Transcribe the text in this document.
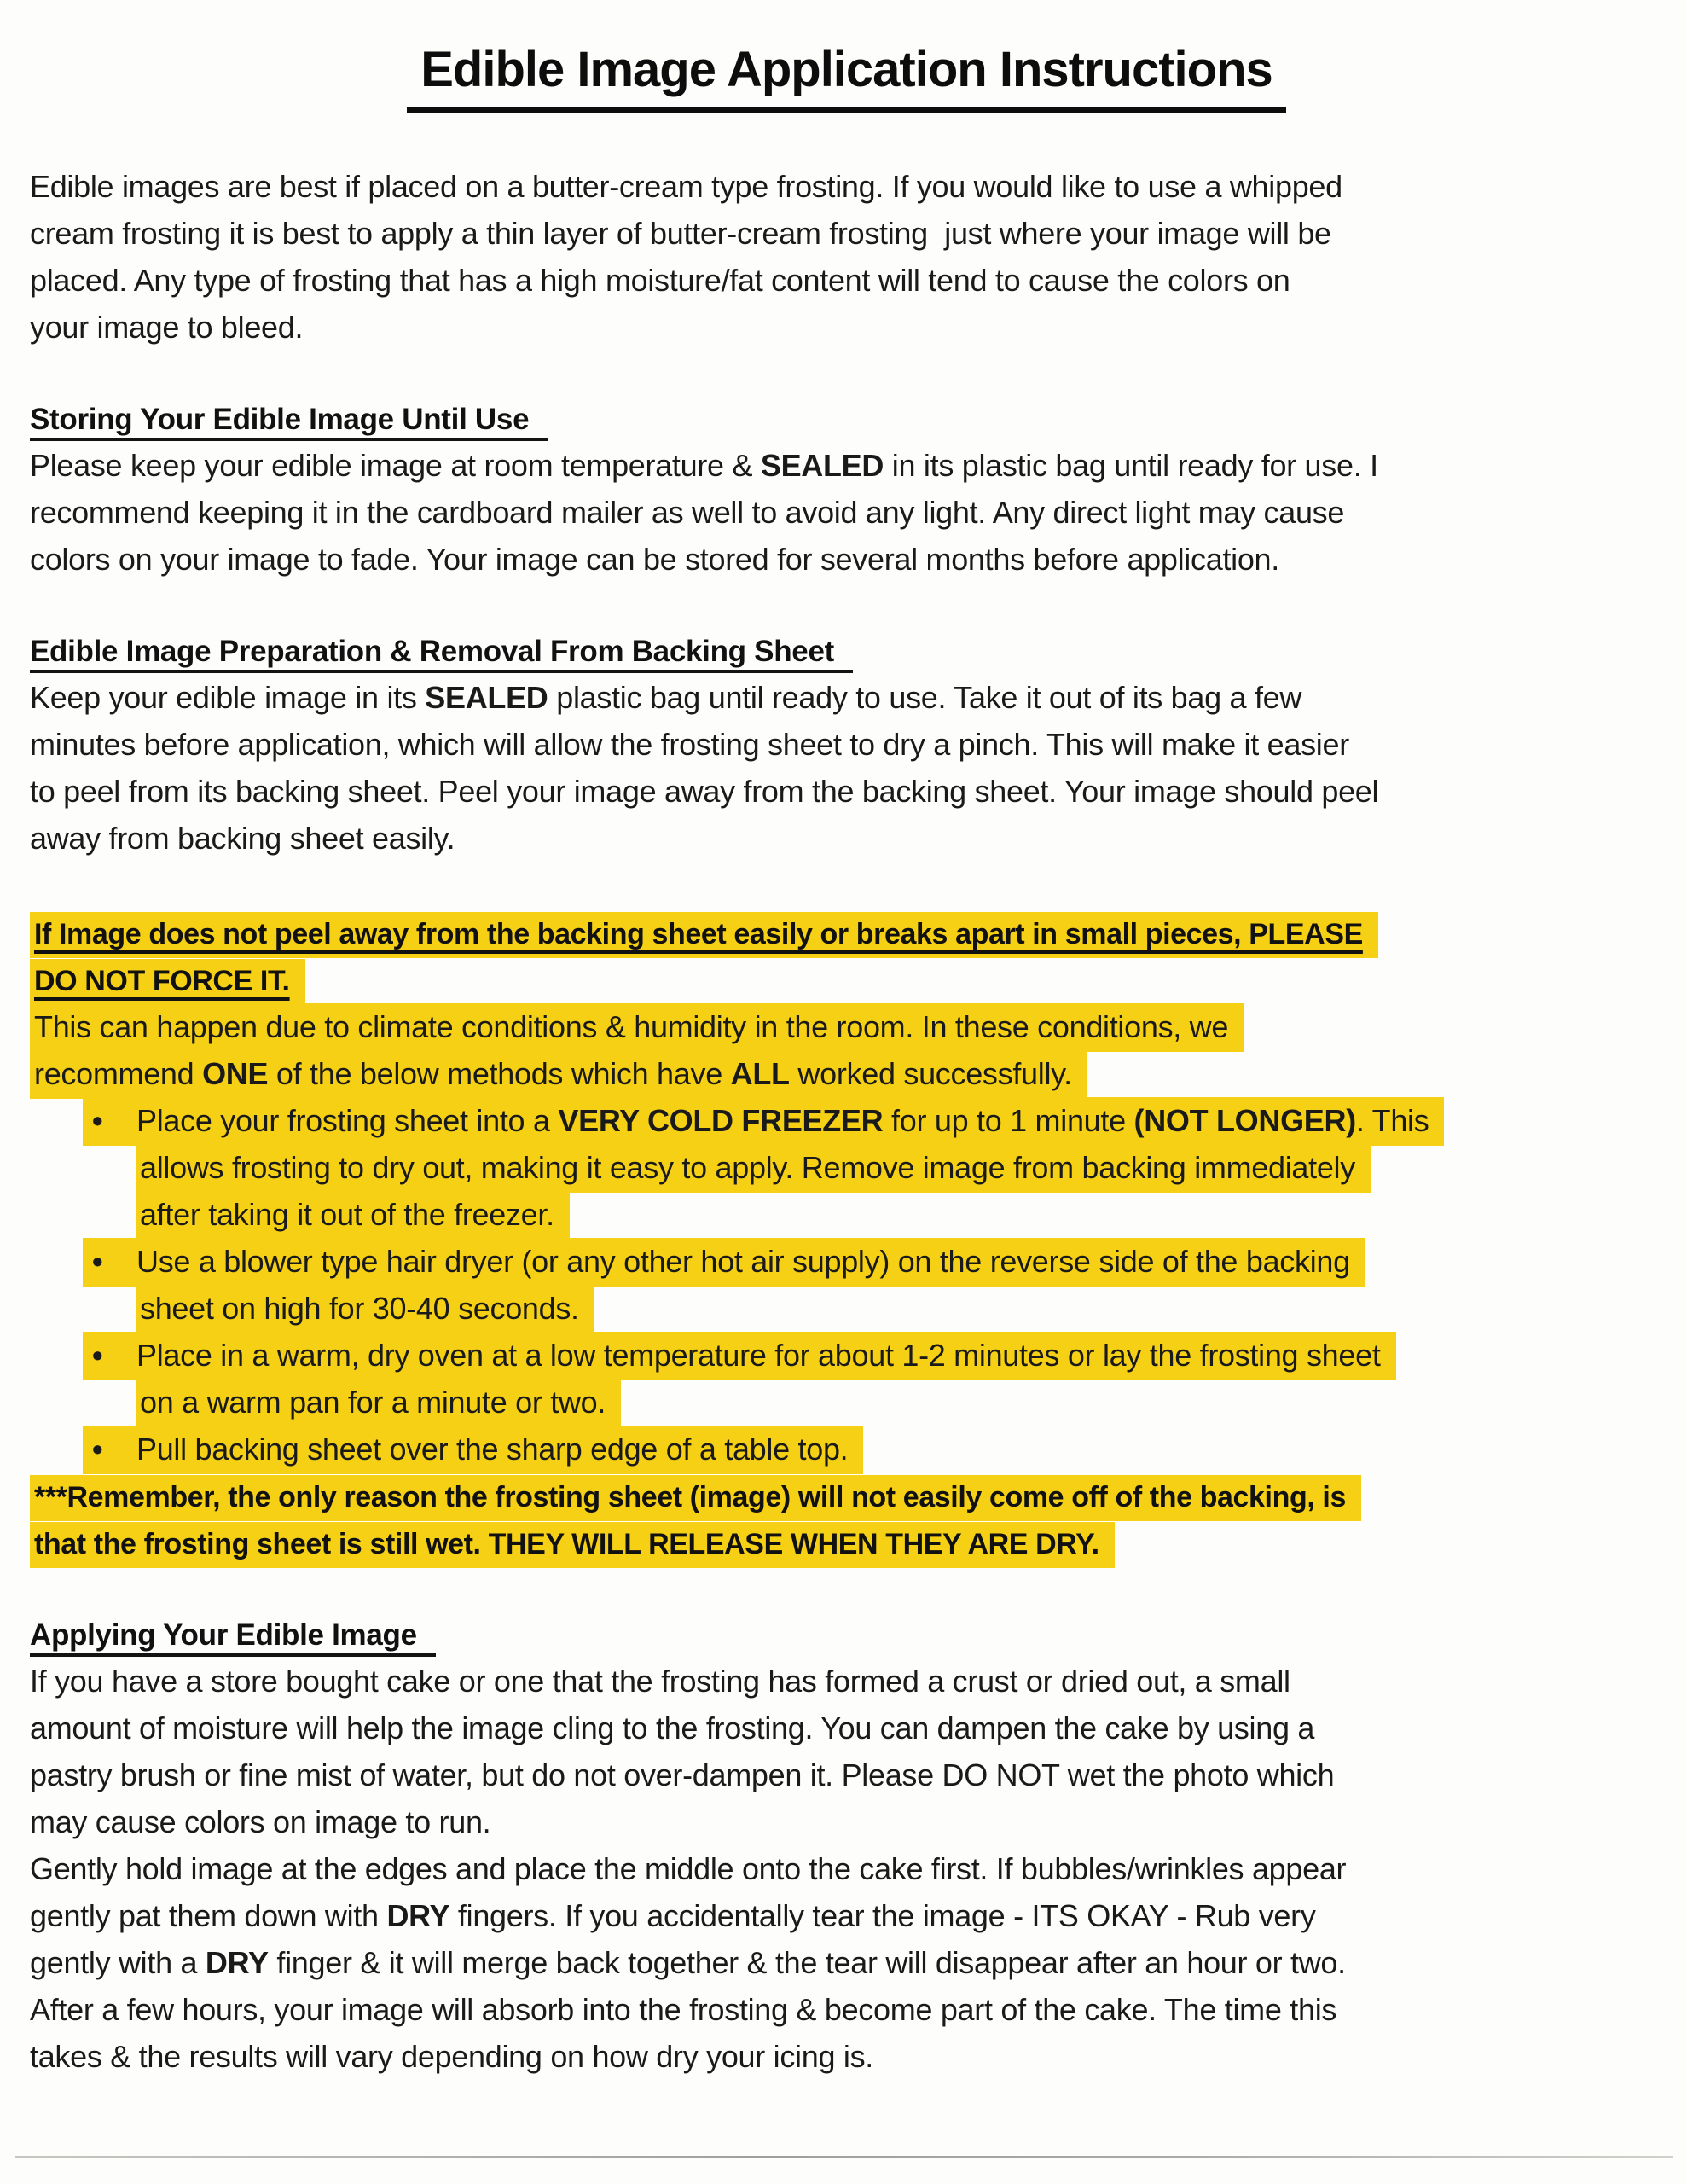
Edible Image Application Instructions
Edible images are best if placed on a butter-cream type frosting. If you would like to use a whipped
cream frosting it is best to apply a thin layer of butter-cream frosting  just where your image will be
placed. Any type of frosting that has a high moisture/fat content will tend to cause the colors on
your image to bleed.
Storing Your Edible Image Until Use
Please keep your edible image at room temperature & SEALED in its plastic bag until ready for use. I
recommend keeping it in the cardboard mailer as well to avoid any light. Any direct light may cause
colors on your image to fade. Your image can be stored for several months before application.
Edible Image Preparation & Removal From Backing Sheet
Keep your edible image in its SEALED plastic bag until ready to use. Take it out of its bag a few
minutes before application, which will allow the frosting sheet to dry a pinch. This will make it easier
to peel from its backing sheet. Peel your image away from the backing sheet. Your image should peel
away from backing sheet easily.
If Image does not peel away from the backing sheet easily or breaks apart in small pieces, PLEASE
DO NOT FORCE IT.
This can happen due to climate conditions & humidity in the room. In these conditions, we
recommend ONE of the below methods which have ALL worked successfully.
• Place your frosting sheet into a VERY COLD FREEZER for up to 1 minute (NOT LONGER). This
allows frosting to dry out, making it easy to apply. Remove image from backing immediately
after taking it out of the freezer.
• Use a blower type hair dryer (or any other hot air supply) on the reverse side of the backing
sheet on high for 30-40 seconds.
• Place in a warm, dry oven at a low temperature for about 1-2 minutes or lay the frosting sheet
on a warm pan for a minute or two.
• Pull backing sheet over the sharp edge of a table top.
***Remember, the only reason the frosting sheet (image) will not easily come off of the backing, is
that the frosting sheet is still wet. THEY WILL RELEASE WHEN THEY ARE DRY.
Applying Your Edible Image
If you have a store bought cake or one that the frosting has formed a crust or dried out, a small
amount of moisture will help the image cling to the frosting. You can dampen the cake by using a
pastry brush or fine mist of water, but do not over-dampen it. Please DO NOT wet the photo which
may cause colors on image to run.
Gently hold image at the edges and place the middle onto the cake first. If bubbles/wrinkles appear
gently pat them down with DRY fingers. If you accidentally tear the image - ITS OKAY - Rub very
gently with a DRY finger & it will merge back together & the tear will disappear after an hour or two.
After a few hours, your image will absorb into the frosting & become part of the cake. The time this
takes & the results will vary depending on how dry your icing is.
